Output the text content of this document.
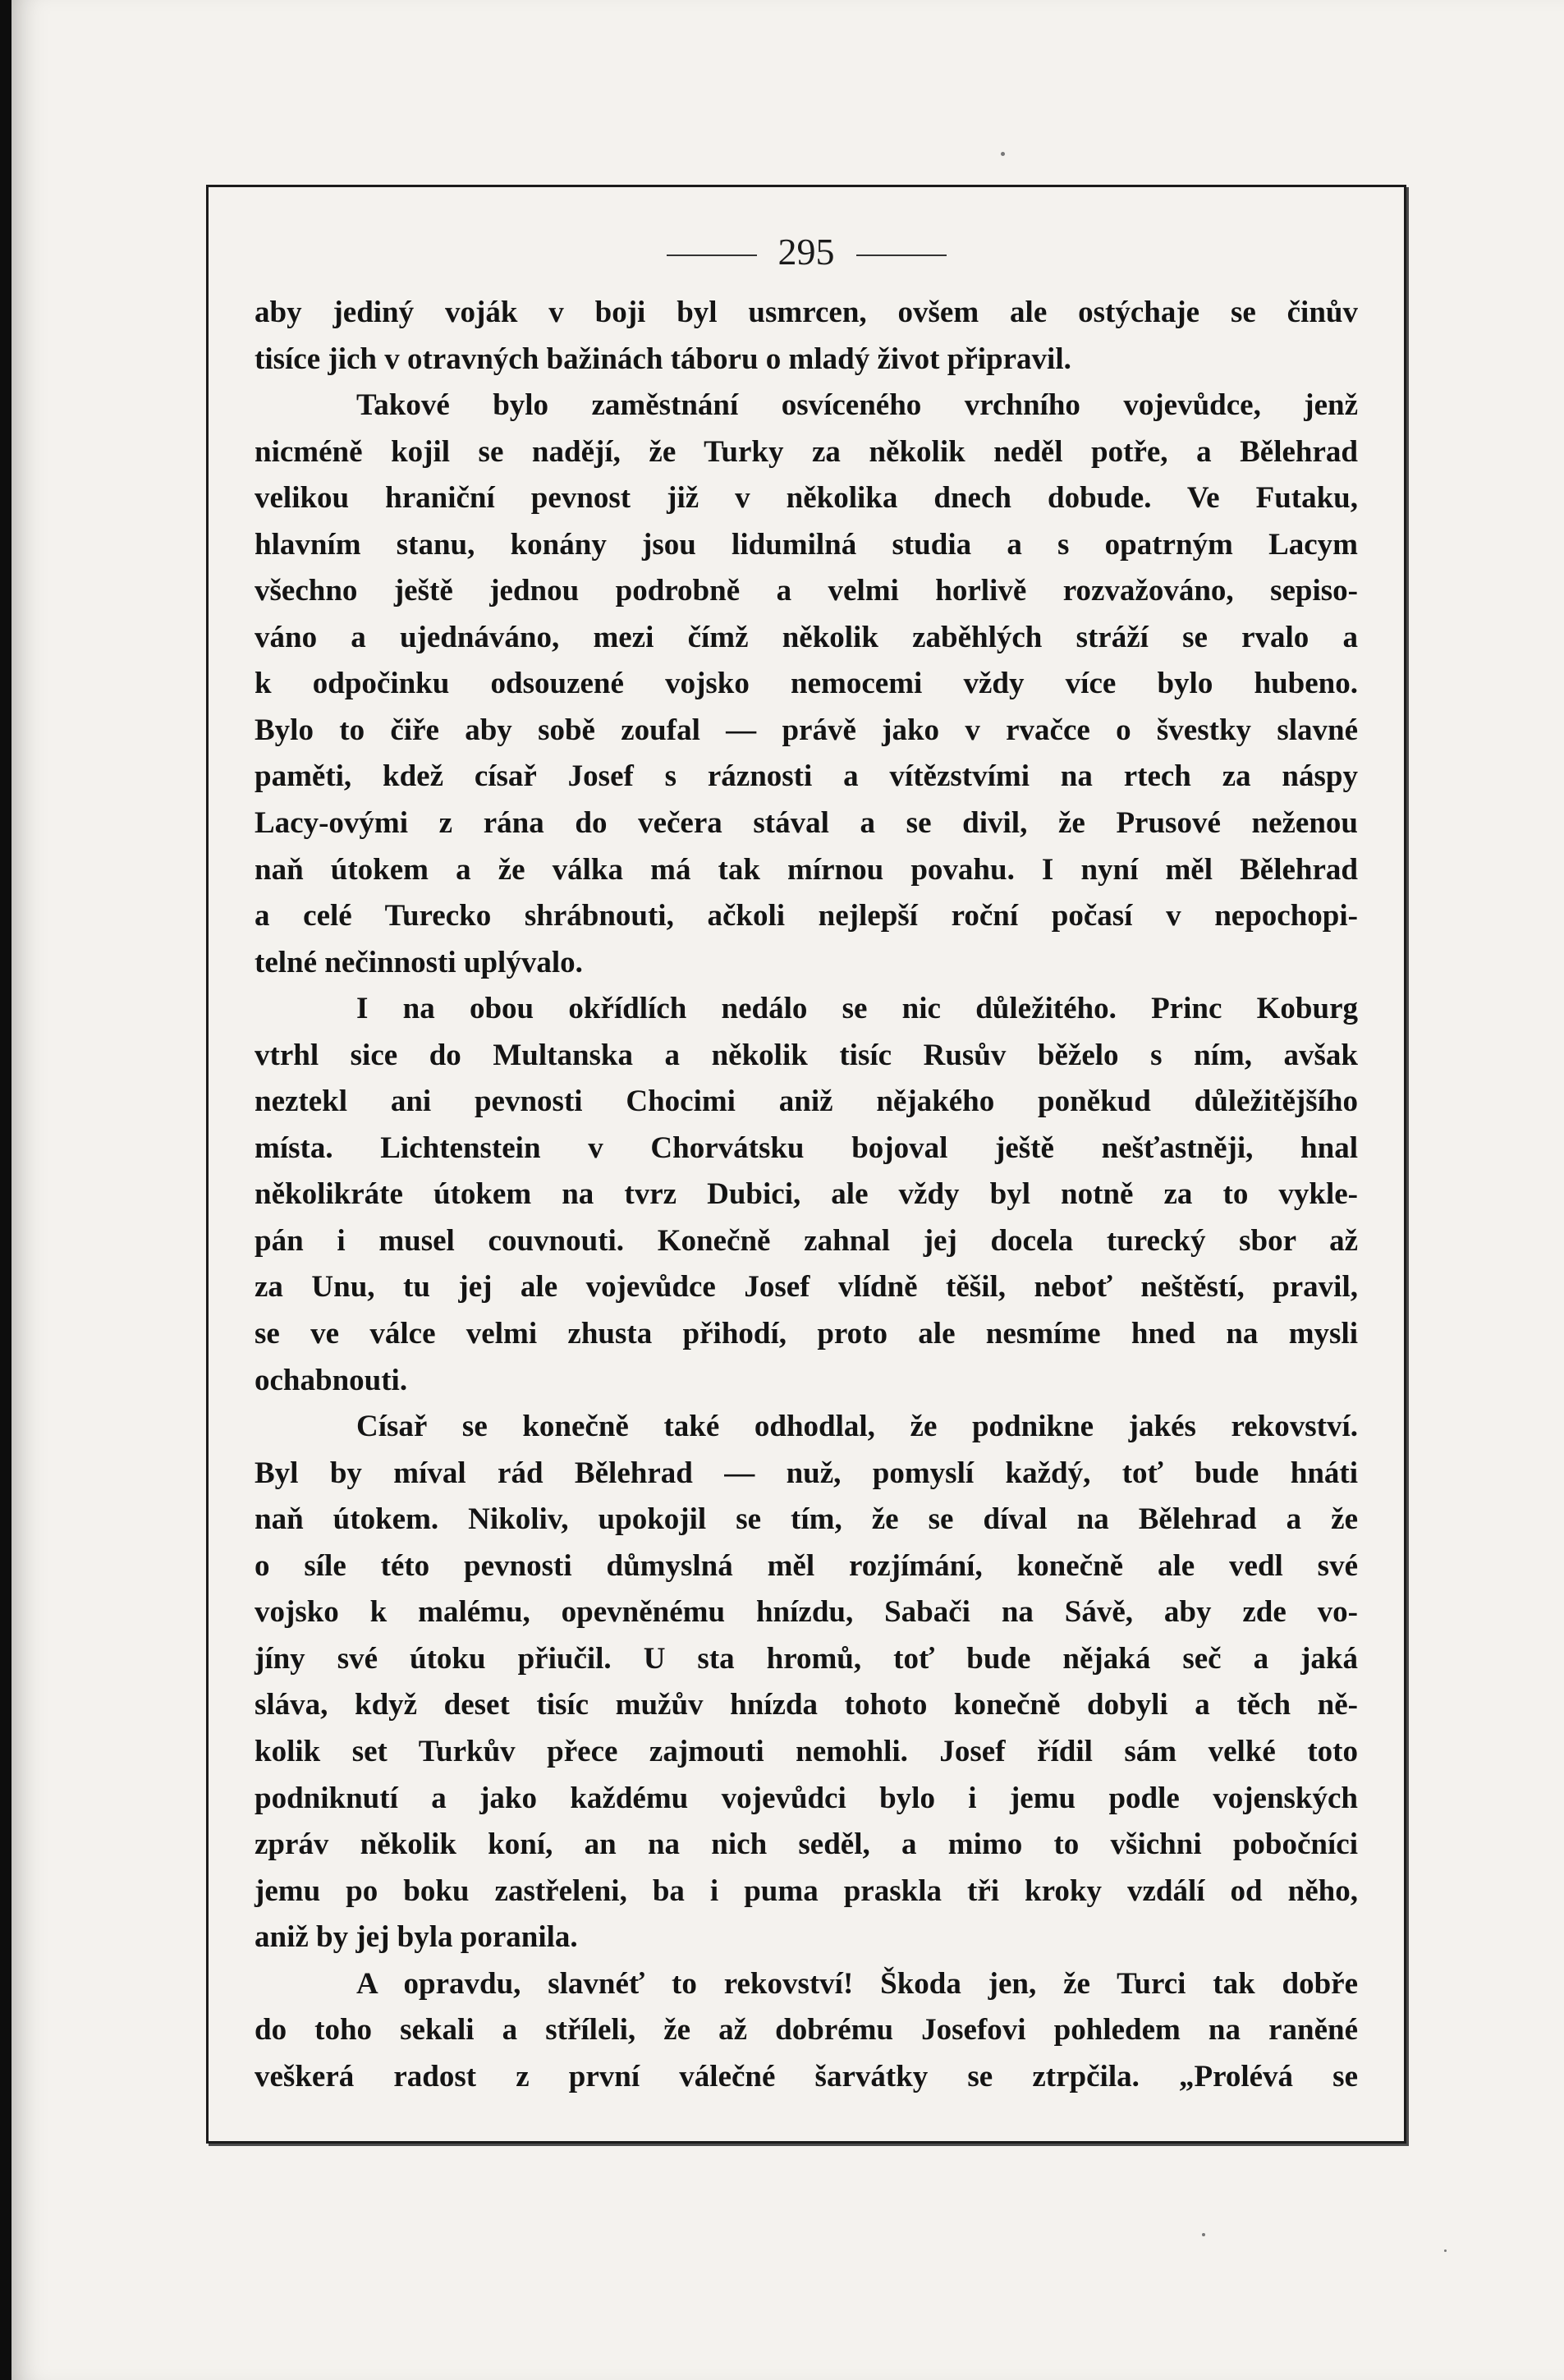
295
aby jediný voják v boji byl usmrcen, ovšem ale ostýchaje se činův
tisíce jich v otravných bažinách táboru o mladý život připravil.
Takové bylo zaměstnání osvíceného vrchního vojevůdce, jenž
nicméně kojil se nadějí, že Turky za několik neděl potře, a Bělehrad
velikou hraniční pevnost již v několika dnech dobude. Ve Futaku,
hlavním stanu, konány jsou lidumilná studia a s opatrným Lacym
všechno ještě jednou podrobně a velmi horlivě rozvažováno, sepiso-
váno a ujednáváno, mezi čímž několik zaběhlých stráží se rvalo a
k odpočinku odsouzené vojsko nemocemi vždy více bylo hubeno.
Bylo to čiře aby sobě zoufal — právě jako v rvačce o švestky slavné
paměti, kdež císař Josef s ráznosti a vítězstvími na rtech za náspy
Lacy-ovými z rána do večera stával a se divil, že Prusové neženou
naň útokem a že válka má tak mírnou povahu. I nyní měl Bělehrad
a celé Turecko shrábnouti, ačkoli nejlepší roční počasí v nepochopi-
telné nečinnosti uplývalo.
I na obou okřídlích nedálo se nic důležitého. Princ Koburg
vtrhl sice do Multanska a několik tisíc Rusův běželo s ním, avšak
neztekl ani pevnosti Chocimi aniž nějakého poněkud důležitějšího
místa. Lichtenstein v Chorvátsku bojoval ještě nešťastněji, hnal
několikráte útokem na tvrz Dubici, ale vždy byl notně za to vykle-
pán i musel couvnouti. Konečně zahnal jej docela turecký sbor až
za Unu, tu jej ale vojevůdce Josef vlídně těšil, neboť neštěstí, pravil,
se ve válce velmi zhusta přihodí, proto ale nesmíme hned na mysli
ochabnouti.
Císař se konečně také odhodlal, že podnikne jakés rekovství.
Byl by míval rád Bělehrad — nuž, pomyslí každý, toť bude hnáti
naň útokem. Nikoliv, upokojil se tím, že se díval na Bělehrad a že
o síle této pevnosti důmyslná měl rozjímání, konečně ale vedl své
vojsko k malému, opevněnému hnízdu, Sabači na Sávě, aby zde vo-
jíny své útoku přiučil. U sta hromů, toť bude nějaká seč a jaká
sláva, když deset tisíc mužův hnízda tohoto konečně dobyli a těch ně-
kolik set Turkův přece zajmouti nemohli. Josef řídil sám velké toto
podniknutí a jako každému vojevůdci bylo i jemu podle vojenských
zpráv několik koní, an na nich seděl, a mimo to všichni pobočníci
jemu po boku zastřeleni, ba i puma praskla tři kroky vzdálí od něho,
aniž by jej byla poranila.
A opravdu, slavnéť to rekovství! Škoda jen, že Turci tak dobře
do toho sekali a stříleli, že až dobrému Josefovi pohledem na raněné
veškerá radost z první válečné šarvátky se ztrpčila. „Prolévá se
